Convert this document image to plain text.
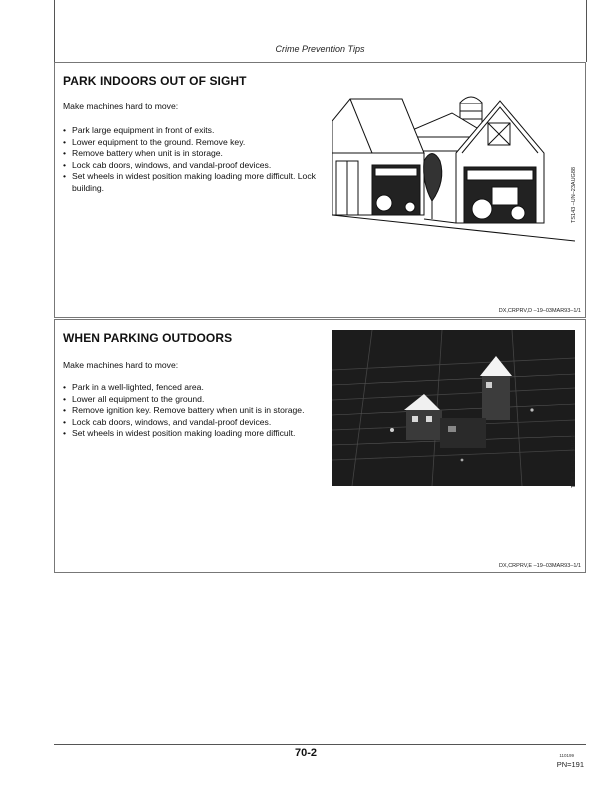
Crime Prevention Tips
PARK INDOORS OUT OF SIGHT
Make machines hard to move:
• Park large equipment in front of exits.
• Lower equipment to the ground. Remove key.
• Remove battery when unit is in storage.
• Lock cab doors, windows, and vandal-proof devices.
• Set wheels in widest position making loading more difficult. Lock building.	TS143 –UN–23AUG88
DX,CRPRV,D –19–03MAR93–1/1
WHEN PARKING OUTDOORS
Make machines hard to move:
• Park in a well-lighted, fenced area.
• Lower all equipment to the ground.
• Remove ignition key. Remove battery when unit is in storage.
• Lock cab doors, windows, and vandal-proof devices.
• Set wheels in widest position making loading more difficult.	TS135 –UN–23AUG88
DX,CRPRV,E –19–03MAR93–1/1
70-2	110199
PN=191
